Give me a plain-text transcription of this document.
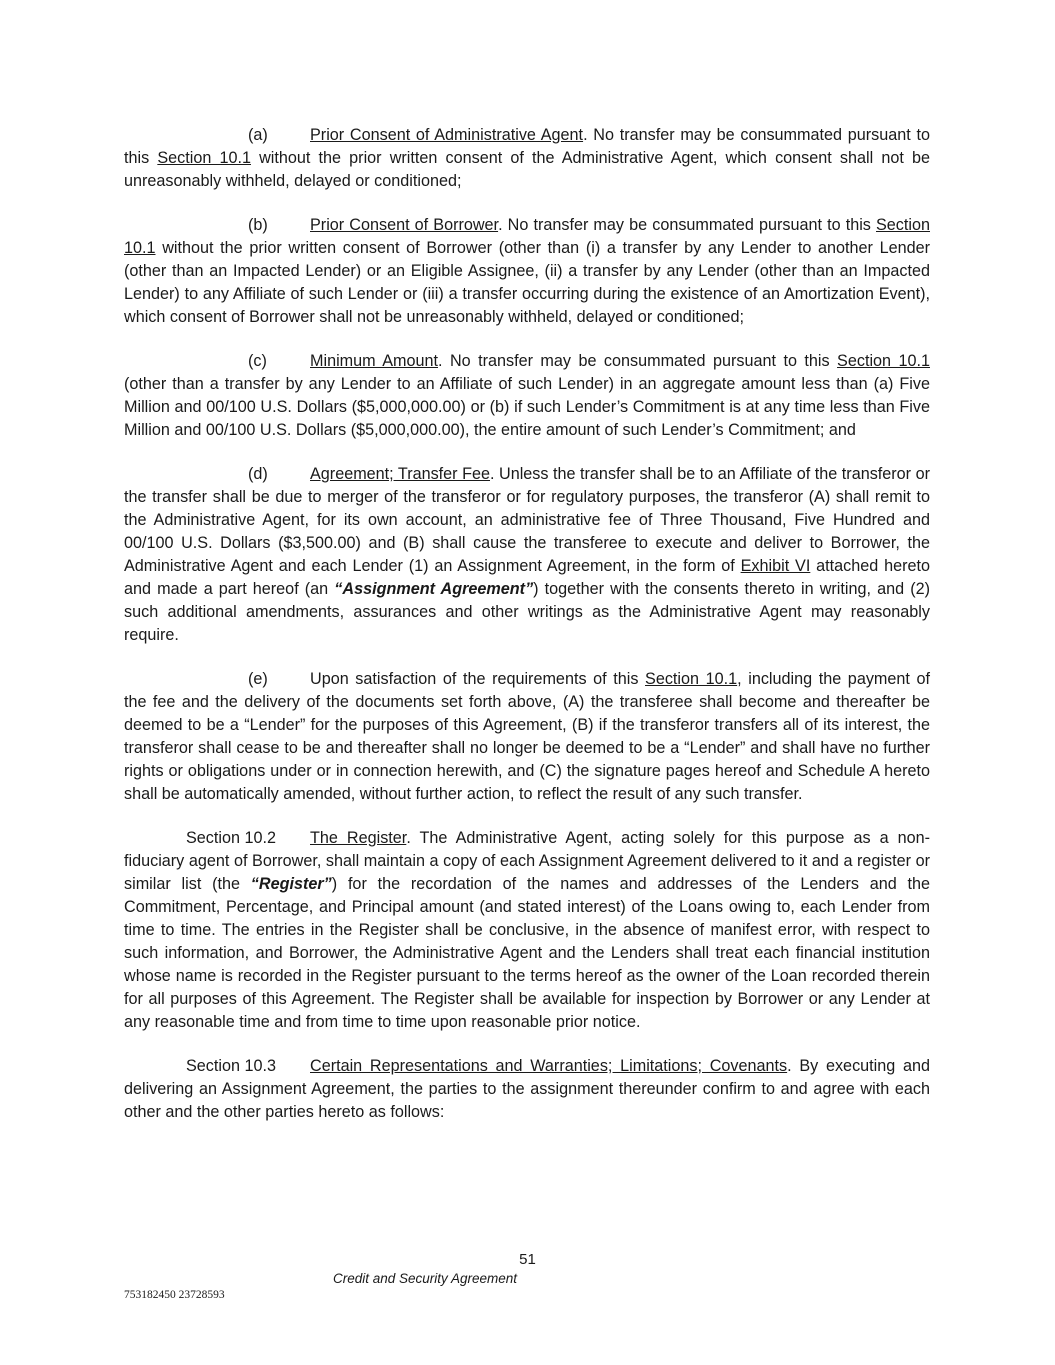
(a)	Prior Consent of Administrative Agent. No transfer may be consummated pursuant to this Section 10.1 without the prior written consent of the Administrative Agent, which consent shall not be unreasonably withheld, delayed or conditioned;

(b)	Prior Consent of Borrower. No transfer may be consummated pursuant to this Section 10.1 without the prior written consent of Borrower (other than (i) a transfer by any Lender to another Lender (other than an Impacted Lender) or an Eligible Assignee, (ii) a transfer by any Lender (other than an Impacted Lender) to any Affiliate of such Lender or (iii) a transfer occurring during the existence of an Amortization Event), which consent of Borrower shall not be unreasonably withheld, delayed or conditioned;

(c)	Minimum Amount. No transfer may be consummated pursuant to this Section 10.1 (other than a transfer by any Lender to an Affiliate of such Lender) in an aggregate amount less than (a) Five Million and 00/100 U.S. Dollars ($5,000,000.00) or (b) if such Lender’s Commitment is at any time less than Five Million and 00/100 U.S. Dollars ($5,000,000.00), the entire amount of such Lender’s Commitment; and

(d)	Agreement; Transfer Fee. Unless the transfer shall be to an Affiliate of the transferor or the transfer shall be due to merger of the transferor or for regulatory purposes, the transferor (A) shall remit to the Administrative Agent, for its own account, an administrative fee of Three Thousand, Five Hundred and 00/100 U.S. Dollars ($3,500.00) and (B) shall cause the transferee to execute and deliver to Borrower, the Administrative Agent and each Lender (1) an Assignment Agreement, in the form of Exhibit VI attached hereto and made a part hereof (an “Assignment Agreement”) together with the consents thereto in writing, and (2) such additional amendments, assurances and other writings as the Administrative Agent may reasonably require.

(e)	Upon satisfaction of the requirements of this Section 10.1, including the payment of the fee and the delivery of the documents set forth above, (A) the transferee shall become and thereafter be deemed to be a “Lender” for the purposes of this Agreement, (B) if the transferor transfers all of its interest, the transferor shall cease to be and thereafter shall no longer be deemed to be a “Lender” and shall have no further rights or obligations under or in connection herewith, and (C) the signature pages hereof and Schedule A hereto shall be automatically amended, without further action, to reflect the result of any such transfer.

Section 10.2 The Register. The Administrative Agent, acting solely for this purpose as a non-fiduciary agent of Borrower, shall maintain a copy of each Assignment Agreement delivered to it and a register or similar list (the “Register”) for the recordation of the names and addresses of the Lenders and the Commitment, Percentage, and Principal amount (and stated interest) of the Loans owing to, each Lender from time to time. The entries in the Register shall be conclusive, in the absence of manifest error, with respect to such information, and Borrower, the Administrative Agent and the Lenders shall treat each financial institution whose name is recorded in the Register pursuant to the terms hereof as the owner of the Loan recorded therein for all purposes of this Agreement. The Register shall be available for inspection by Borrower or any Lender at any reasonable time and from time to time upon reasonable prior notice.

Section 10.3 Certain Representations and Warranties; Limitations; Covenants. By executing and delivering an Assignment Agreement, the parties to the assignment thereunder confirm to and agree with each other and the other parties hereto as follows:

51
Credit and Security Agreement
753182450 23728593
